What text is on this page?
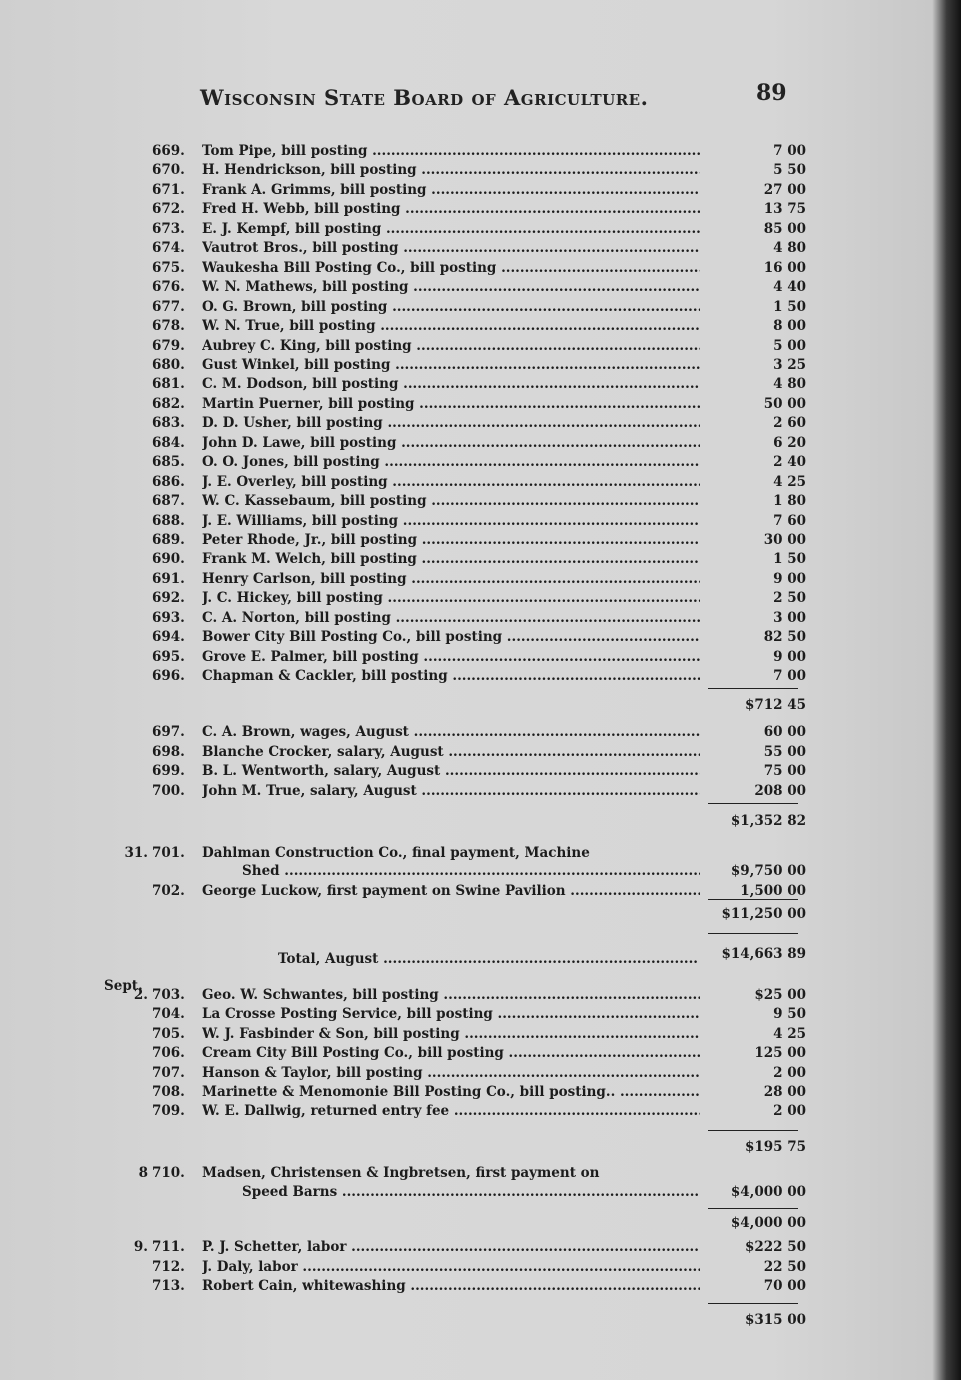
Wisconsin State Board of Agriculture.	89
669.	Tom Pipe, bill posting .....	7 00
670.	H. Hendrickson, bill posting .....	5 50
671.	Frank A. Grimms, bill posting .....	27 00
672.	Fred H. Webb, bill posting .....	13 75
673.	E. J. Kempf, bill posting .....	85 00
674.	Vautrot Bros., bill posting .....	4 80
675.	Waukesha Bill Posting Co., bill posting .....	16 00
676.	W. N. Mathews, bill posting .....	4 40
677.	O. G. Brown, bill posting .....	1 50
678.	W. N. True, bill posting .....	8 00
679.	Aubrey C. King, bill posting .....	5 00
680.	Gust Winkel, bill posting .....	3 25
681.	C. M. Dodson, bill posting .....	4 80
682.	Martin Puerner, bill posting .....	50 00
683.	D. D. Usher, bill posting .....	2 60
684.	John D. Lawe, bill posting .....	6 20
685.	O. O. Jones, bill posting .....	2 40
686.	J. E. Overley, bill posting .....	4 25
687.	W. C. Kassebaum, bill posting .....	1 80
688.	J. E. Williams, bill posting .....	7 60
689.	Peter Rhode, Jr., bill posting .....	30 00
690.	Frank M. Welch, bill posting .....	1 50
691.	Henry Carlson, bill posting .....	9 00
692.	J. C. Hickey, bill posting .....	2 50
693.	C. A. Norton, bill posting .....	3 00
694.	Bower City Bill Posting Co., bill posting .....	82 50
695.	Grove E. Palmer, bill posting .....	9 00
696.	Chapman & Cackler, bill posting .....	7 00
$712 45
697.	C. A. Brown, wages, August .....	60 00
698.	Blanche Crocker, salary, August .....	55 00
699.	B. L. Wentworth, salary, August .....	75 00
700.	John M. True, salary, August .....	208 00
$1,352 82
31. 701.	Dahlman Construction Co., final payment, Machine
Shed .....	$9,750 00
702.	George Luckow, first payment on Swine Pavilion .....	1,500 00
$11,250 00
Total, August .....	$14,663 89
Sept.
2. 703.	Geo. W. Schwantes, bill posting .....	$25 00
704.	La Crosse Posting Service, bill posting .....	9 50
705.	W. J. Fasbinder & Son, bill posting .....	4 25
706.	Cream City Bill Posting Co., bill posting .....	125 00
707.	Hanson & Taylor, bill posting .....	2 00
708.	Marinette & Menomonie Bill Posting Co., bill posting.. .....	28 00
709.	W. E. Dallwig, returned entry fee .....	2 00
$195 75
8 710.	Madsen, Christensen & Ingbretsen, first payment on
Speed Barns .....	$4,000 00
$4,000 00
9. 711.	P. J. Schetter, labor .....	$222 50
712.	J. Daly, labor .....	22 50
713.	Robert Cain, whitewashing .....	70 00
$315 00
